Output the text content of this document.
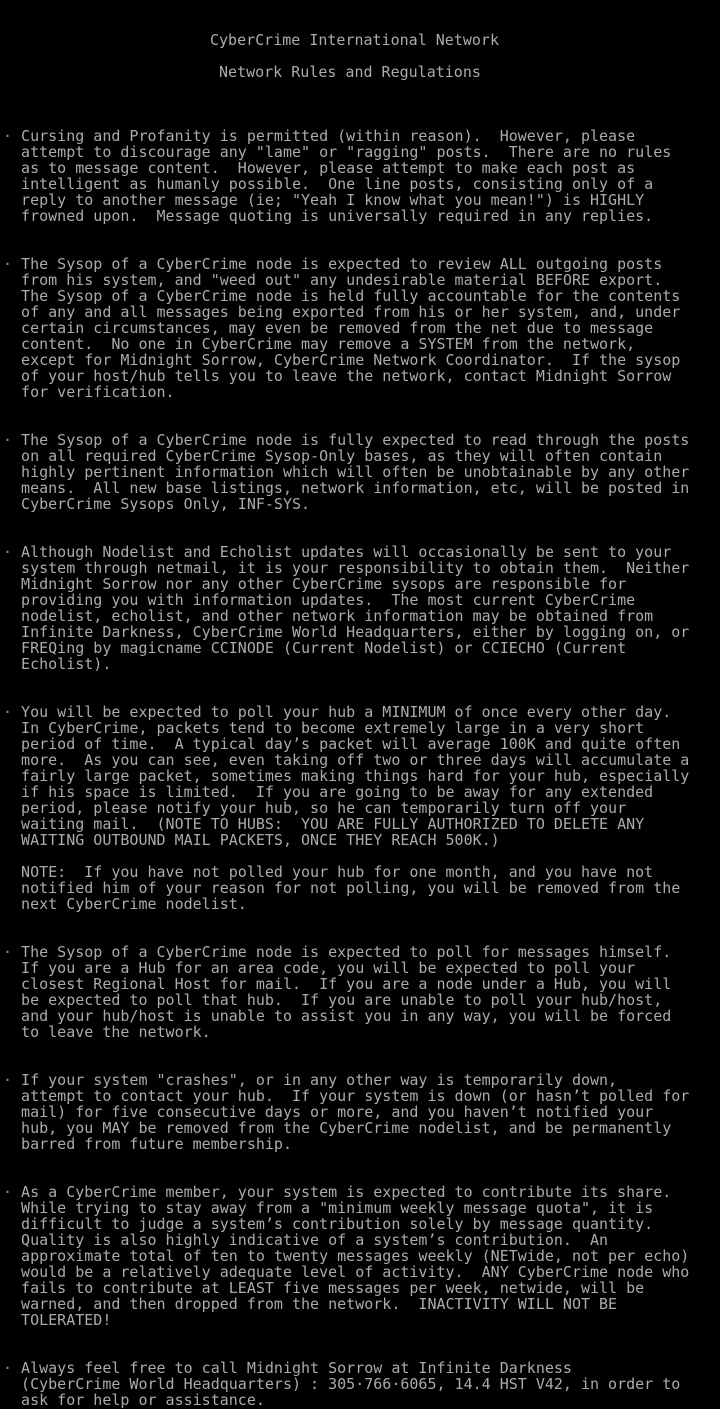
CyberCrime International Network
Network Rules and Regulations
· Cursing and Profanity is permitted (within reason).  However, please
attempt to discourage any "lame" or "ragging" posts.  There are no rules
as to message content.  However, please attempt to make each post as
intelligent as humanly possible.  One line posts, consisting only of a
reply to another message (ie; "Yeah I know what you mean!") is HIGHLY
frowned upon.  Message quoting is universally required in any replies.
· The Sysop of a CyberCrime node is expected to review ALL outgoing posts
from his system, and "weed out" any undesirable material BEFORE export.
The Sysop of a CyberCrime node is held fully accountable for the contents
of any and all messages being exported from his or her system, and, under
certain circumstances, may even be removed from the net due to message
content.  No one in CyberCrime may remove a SYSTEM from the network,
except for Midnight Sorrow, CyberCrime Network Coordinator.  If the sysop
of your host/hub tells you to leave the network, contact Midnight Sorrow
for verification.
· The Sysop of a CyberCrime node is fully expected to read through the posts
on all required CyberCrime Sysop-Only bases, as they will often contain
highly pertinent information which will often be unobtainable by any other
means.  All new base listings, network information, etc, will be posted in
CyberCrime Sysops Only, INF-SYS.
· Although Nodelist and Echolist updates will occasionally be sent to your
system through netmail, it is your responsibility to obtain them.  Neither
Midnight Sorrow nor any other CyberCrime sysops are responsible for
providing you with information updates.  The most current CyberCrime
nodelist, echolist, and other network information may be obtained from
Infinite Darkness, CyberCrime World Headquarters, either by logging on, or
FREQing by magicname CCINODE (Current Nodelist) or CCIECHO (Current
Echolist).
· You will be expected to poll your hub a MINIMUM of once every other day.
In CyberCrime, packets tend to become extremely large in a very short
period of time.  A typical day’s packet will average 100K and quite often
more.  As you can see, even taking off two or three days will accumulate a
fairly large packet, sometimes making things hard for your hub, especially
if his space is limited.  If you are going to be away for any extended
period, please notify your hub, so he can temporarily turn off your
waiting mail.  (NOTE TO HUBS:  YOU ARE FULLY AUTHORIZED TO DELETE ANY
WAITING OUTBOUND MAIL PACKETS, ONCE THEY REACH 500K.)
NOTE:  If you have not polled your hub for one month, and you have not
notified him of your reason for not polling, you will be removed from the
next CyberCrime nodelist.
· The Sysop of a CyberCrime node is expected to poll for messages himself.
If you are a Hub for an area code, you will be expected to poll your
closest Regional Host for mail.  If you are a node under a Hub, you will
be expected to poll that hub.  If you are unable to poll your hub/host,
and your hub/host is unable to assist you in any way, you will be forced
to leave the network.
· If your system "crashes", or in any other way is temporarily down,
attempt to contact your hub.  If your system is down (or hasn’t polled for
mail) for five consecutive days or more, and you haven’t notified your
hub, you MAY be removed from the CyberCrime nodelist, and be permanently
barred from future membership.
· As a CyberCrime member, your system is expected to contribute its share.
While trying to stay away from a "minimum weekly message quota", it is
difficult to judge a system’s contribution solely by message quantity.
Quality is also highly indicative of a system’s contribution.  An
approximate total of ten to twenty messages weekly (NETwide, not per echo)
would be a relatively adequate level of activity.  ANY CyberCrime node who
fails to contribute at LEAST five messages per week, netwide, will be
warned, and then dropped from the network.  INACTIVITY WILL NOT BE
TOLERATED!
· Always feel free to call Midnight Sorrow at Infinite Darkness
(CyberCrime World Headquarters) : 305·766·6065, 14.4 HST V42, in order to
ask for help or assistance.
